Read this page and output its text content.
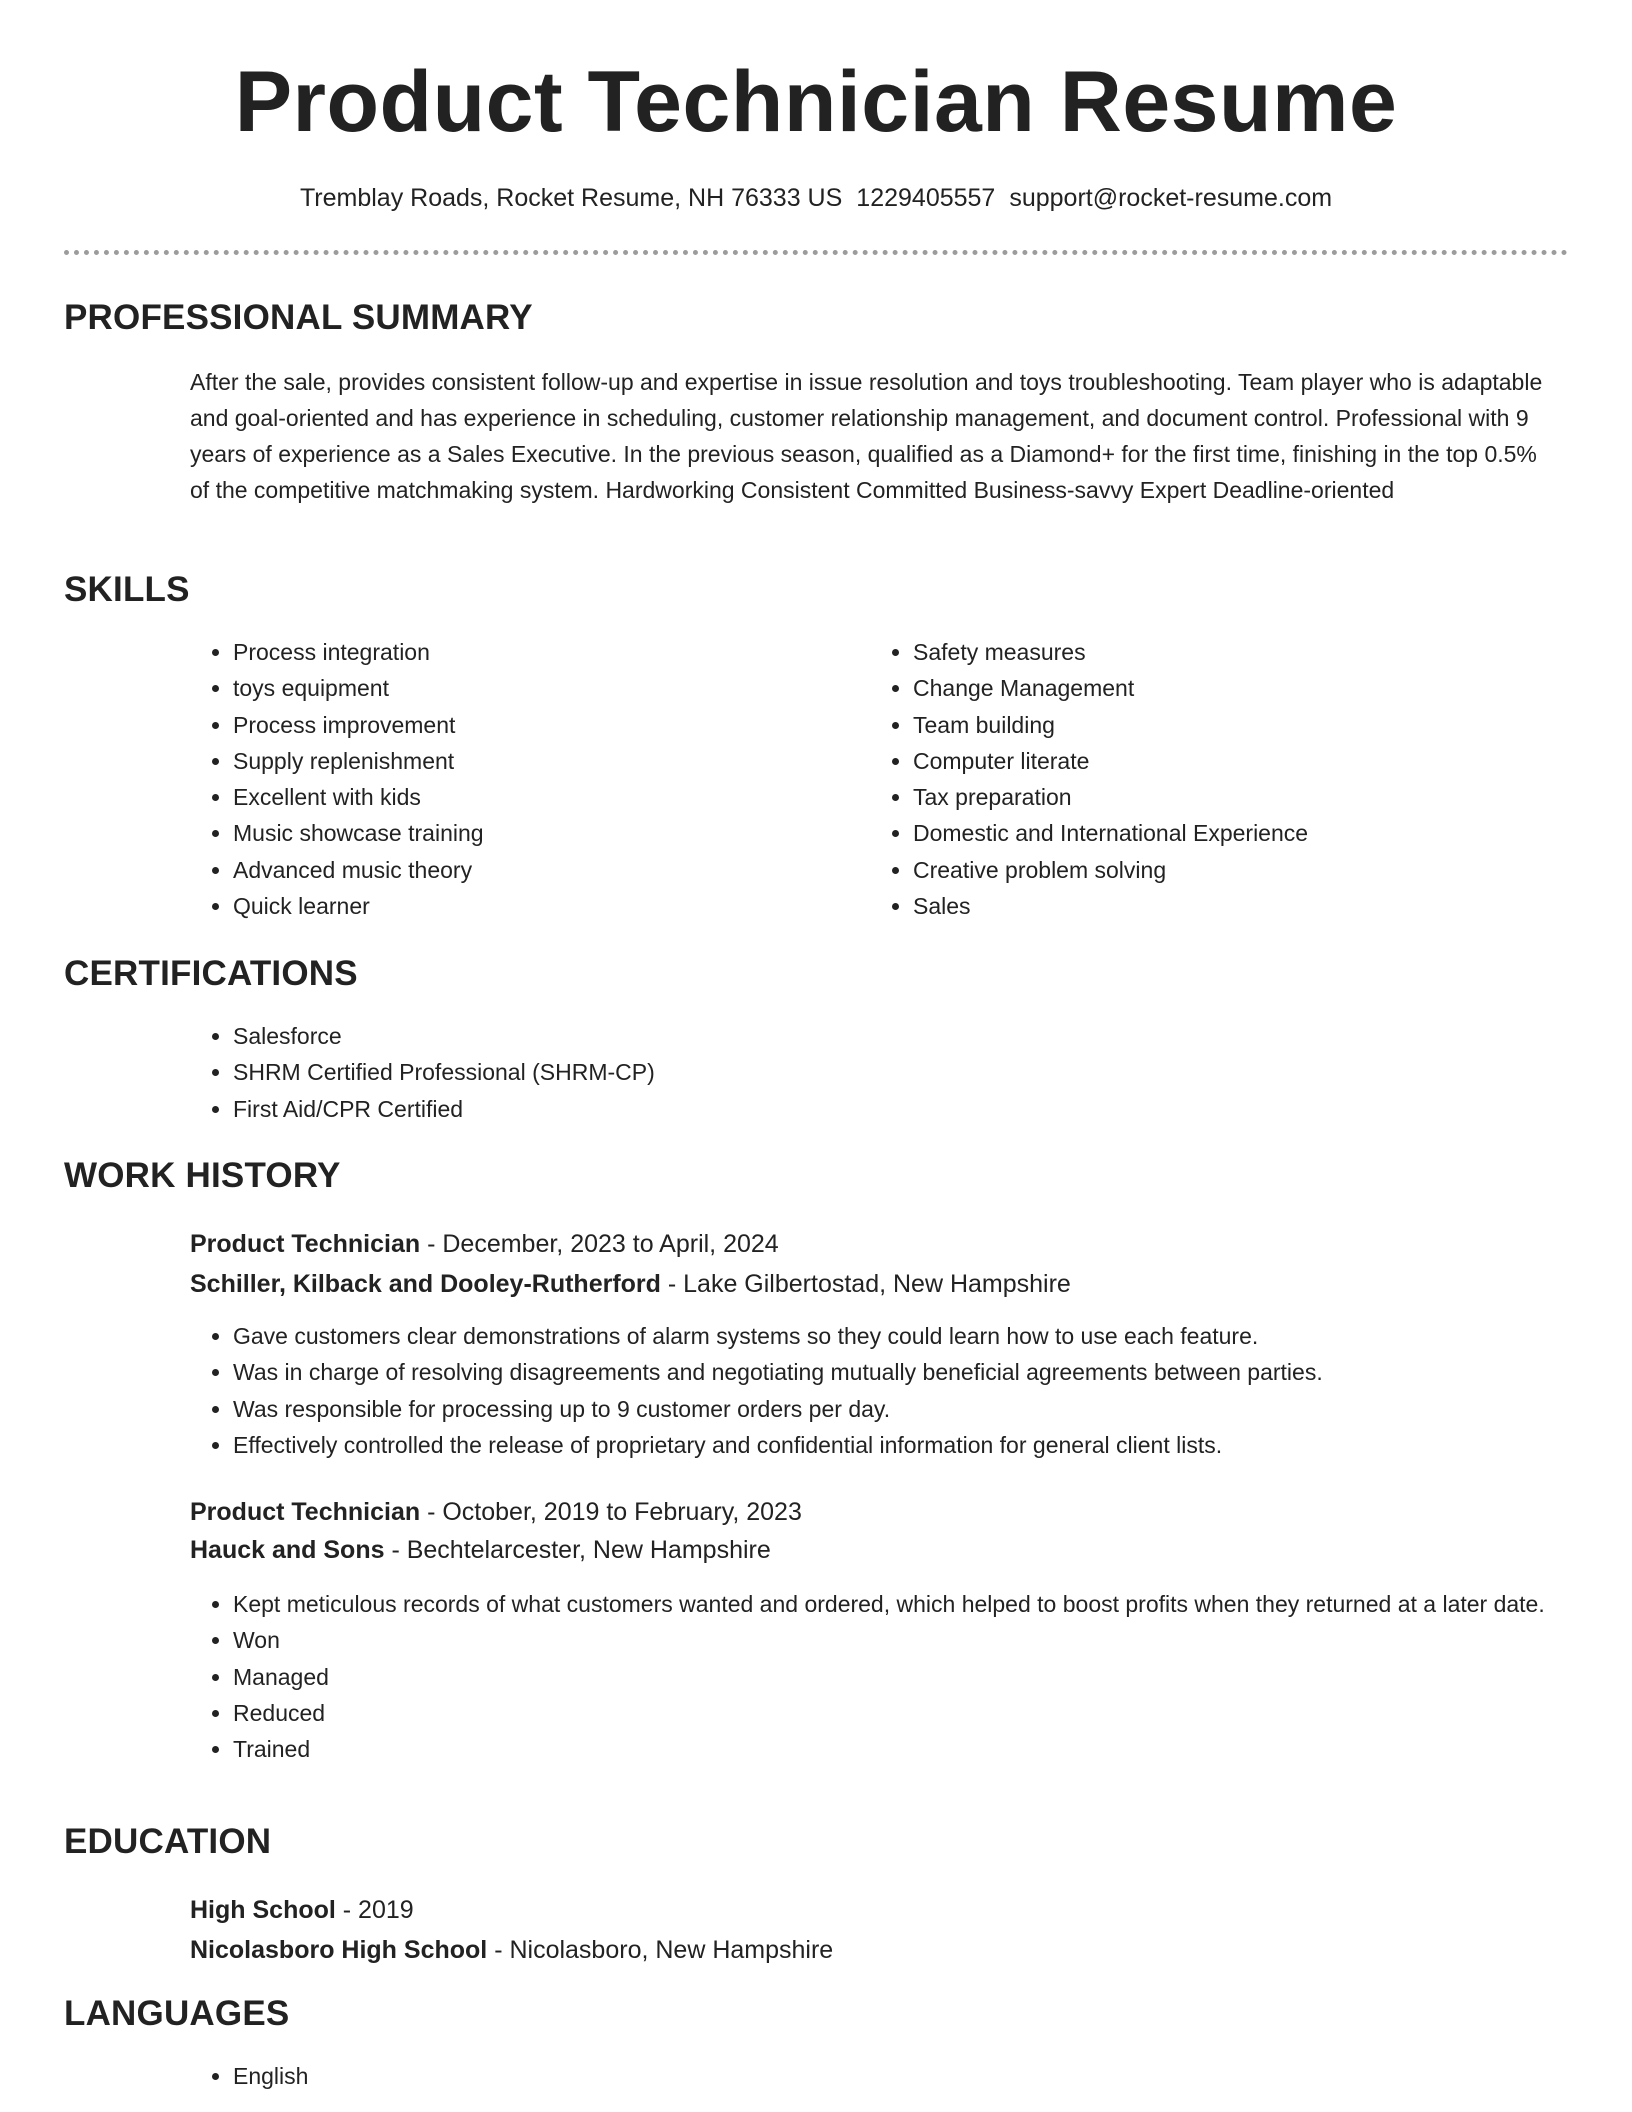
Product Technician Resume
Tremblay Roads, Rocket Resume, NH 76333 US 1229405557 support@rocket-resume.com
PROFESSIONAL SUMMARY

After the sale, provides consistent follow-up and expertise in issue resolution and toys troubleshooting. Team player who is adaptable and goal-oriented and has experience in scheduling, customer relationship management, and document control. Professional with 9 years of experience as a Sales Executive. In the previous season, qualified as a Diamond+ for the first time, finishing in the top 0.5% of the competitive matchmaking system. Hardworking Consistent Committed Business-savvy Expert Deadline-oriented

SKILLS
• Process integration
• toys equipment
• Process improvement
• Supply replenishment
• Excellent with kids
• Music showcase training
• Advanced music theory
• Quick learner
• Safety measures
• Change Management
• Team building
• Computer literate
• Tax preparation
• Domestic and International Experience
• Creative problem solving
• Sales
CERTIFICATIONS
• Salesforce
• SHRM Certified Professional (SHRM-CP)
• First Aid/CPR Certified
WORK HISTORY
Product Technician - December, 2023 to April, 2024
Schiller, Kilback and Dooley-Rutherford - Lake Gilbertostad, New Hampshire
• Gave customers clear demonstrations of alarm systems so they could learn how to use each feature.
• Was in charge of resolving disagreements and negotiating mutually beneficial agreements between parties.
• Was responsible for processing up to 9 customer orders per day.
• Effectively controlled the release of proprietary and confidential information for general client lists.
Product Technician - October, 2019 to February, 2023
Hauck and Sons - Bechtelarcester, New Hampshire
• Kept meticulous records of what customers wanted and ordered, which helped to boost profits when they returned at a later date.
• Won
• Managed
• Reduced
• Trained
EDUCATION
High School - 2019
Nicolasboro High School - Nicolasboro, New Hampshire
LANGUAGES
• English
